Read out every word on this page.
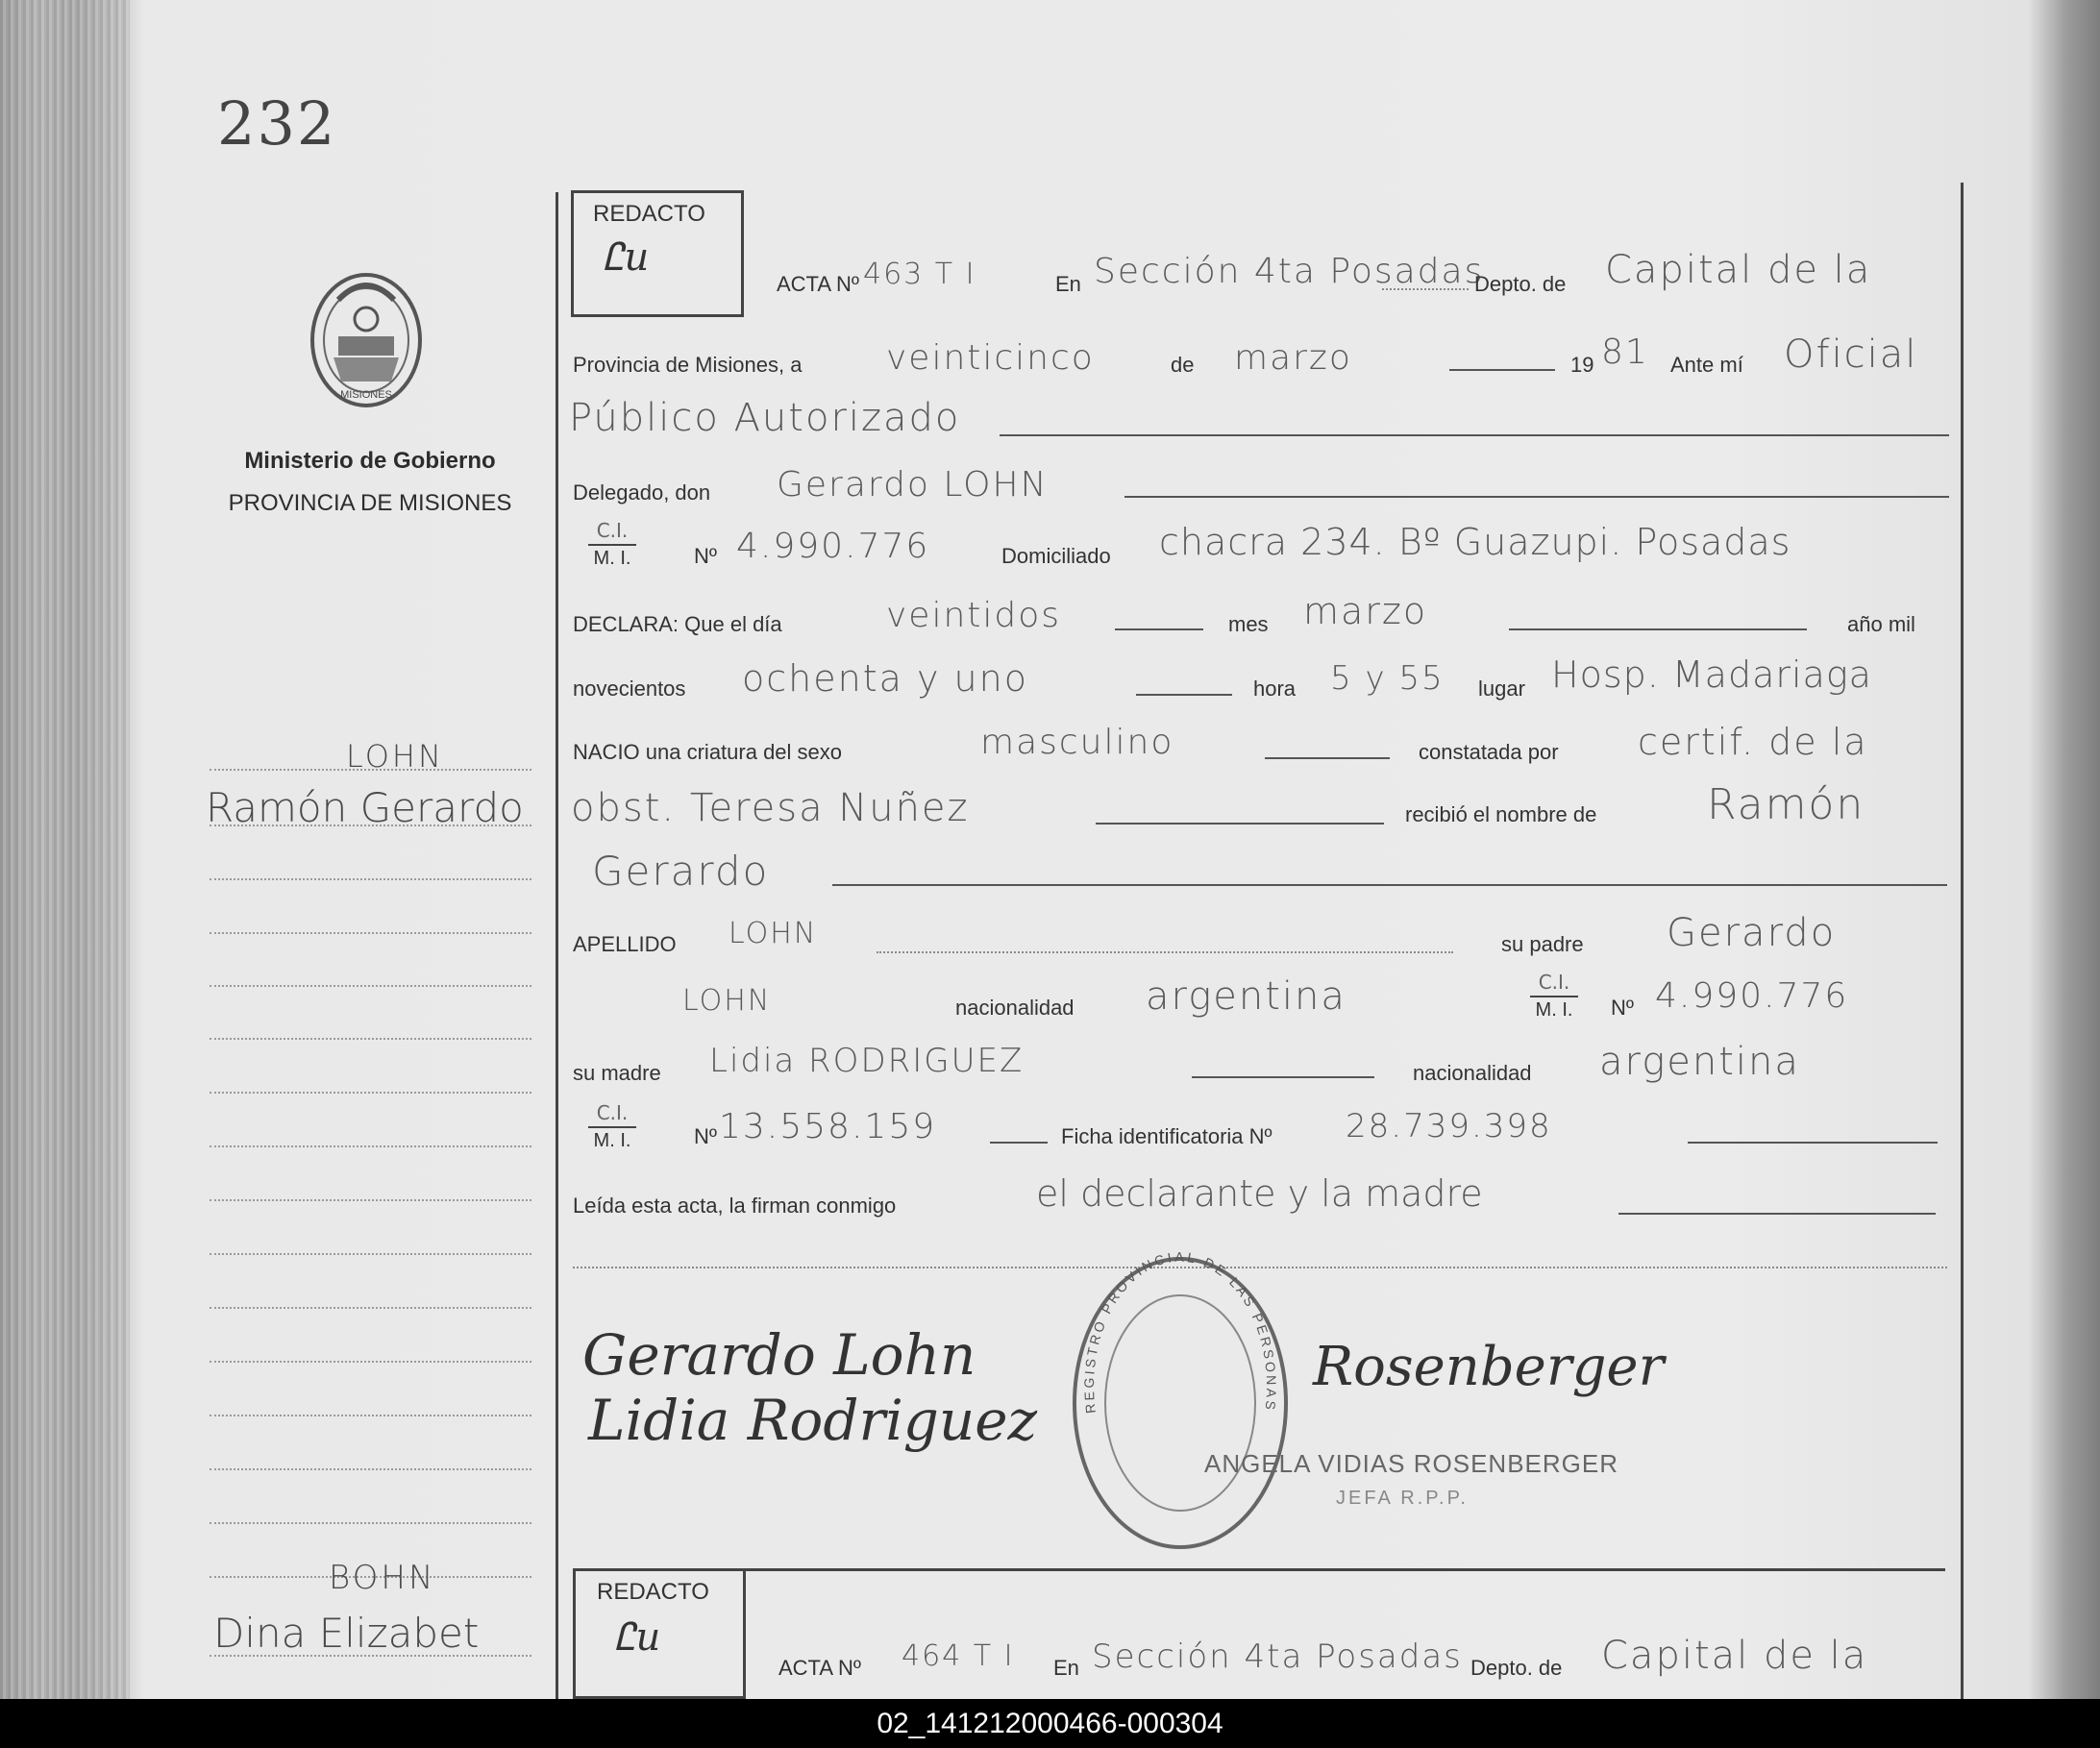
232
MISIONES
Ministerio de Gobierno
PROVINCIA DE MISIONES
LOHN
Ramón Gerardo
BOHN
Dina Elizabet
REDACTO
Ꮭu
ACTA Nº 463 T I	En Sección 4ta Posadas
Depto. de Capital de la
Provincia de Misiones, a veinticinco	de marzo	19 81 Ante mí Oficial
Público Autorizado
Delegado, don Gerardo LOHN
$\frac{C.I.}{M. I.}$	Nº 4.990.776	Domiciliado chacra 234. Bº Guazupi. Posadas
DECLARA: Que el día	veintidos	mes marzo	año mil
novecientos ochenta y uno	hora 5 y 55 lugar Hosp. Madariaga
NACIO una criatura del sexo	masculino	constatada por certif. de la
obst. Teresa Nuñez	recibió el nombre de	Ramón
Gerardo
APELLIDO LOHN	su padre Gerardo
LOHN	nacionalidad argentina	$\frac{C.I.}{M. I.}$ Nº 4.990.776
su madre Lidia RODRIGUEZ	nacionalidad argentina
$\frac{C.I.}{M. I.}$	Nº 13.558.159	Ficha identificatoria Nº 28.739.398
Leída esta acta, la firman conmigo	el declarante y la madre
Gerardo Lohn
Lidia Rodriguez
Rosenberger
REGISTRO PROVINCIAL DE LAS PERSONAS
ANGELA VIDIAS ROSENBERGER
JEFA R.P.P.
REDACTO
Ꮭu
ACTA Nº 464 T I En Sección 4ta Posadas Depto. de Capital de la
02_141212000466-000304
